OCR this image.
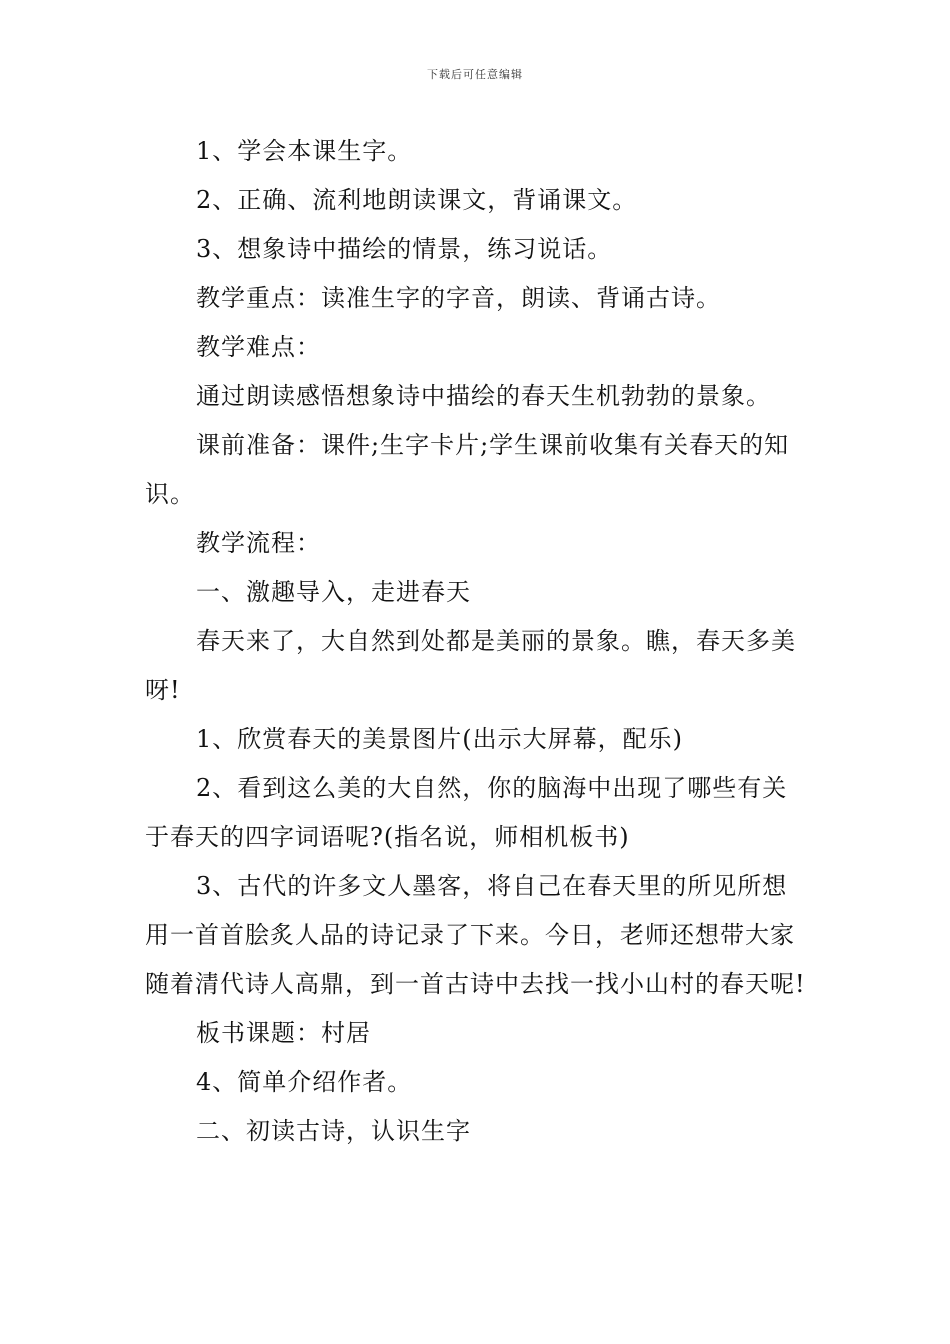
下载后可任意编辑

1、学会本课生字。

2、正确、流利地朗读课文，背诵课文。

3、想象诗中描绘的情景，练习说话。

教学重点：读准生字的字音，朗读、背诵古诗。

教学难点：

通过朗读感悟想象诗中描绘的春天生机勃勃的景象。

课前准备：课件;生字卡片;学生课前收集有关春天的知识。

教学流程：

一、激趣导入，走进春天

春天来了，大自然到处都是美丽的景象。瞧，春天多美呀!

1、欣赏春天的美景图片(出示大屏幕，配乐)

2、看到这么美的大自然，你的脑海中出现了哪些有关于春天的四字词语呢?(指名说，师相机板书)

3、古代的许多文人墨客，将自己在春天里的所见所想用一首首脍炙人品的诗记录了下来。今日，老师还想带大家随着清代诗人高鼎，到一首古诗中去找一找小山村的春天呢!

板书课题：村居

4、简单介绍作者。

二、初读古诗，认识生字
